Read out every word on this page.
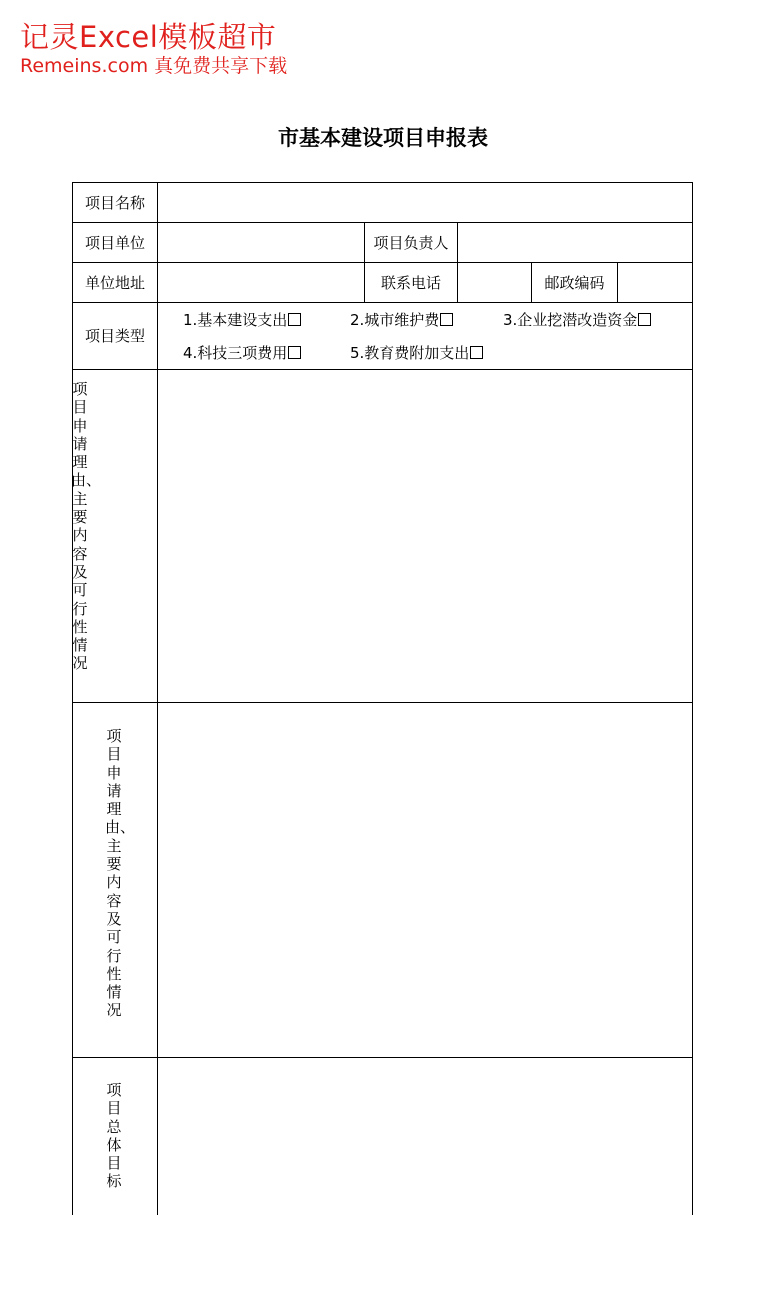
记灵Excel模板超市
Remeins.com 真免费共享下载
市基本建设项目申报表
项目名称
项目单位	项目负责人
单位地址	联系电话	邮政编码
项目类型
1.基本建设支出	2.城市维护费	3.企业挖潜改造资金
4.科技三项费用	5.教育费附加支出
项目申请理由、主要内容及可行性情况
项目申请理由、主要内容及可行性情况
项目总体目标
